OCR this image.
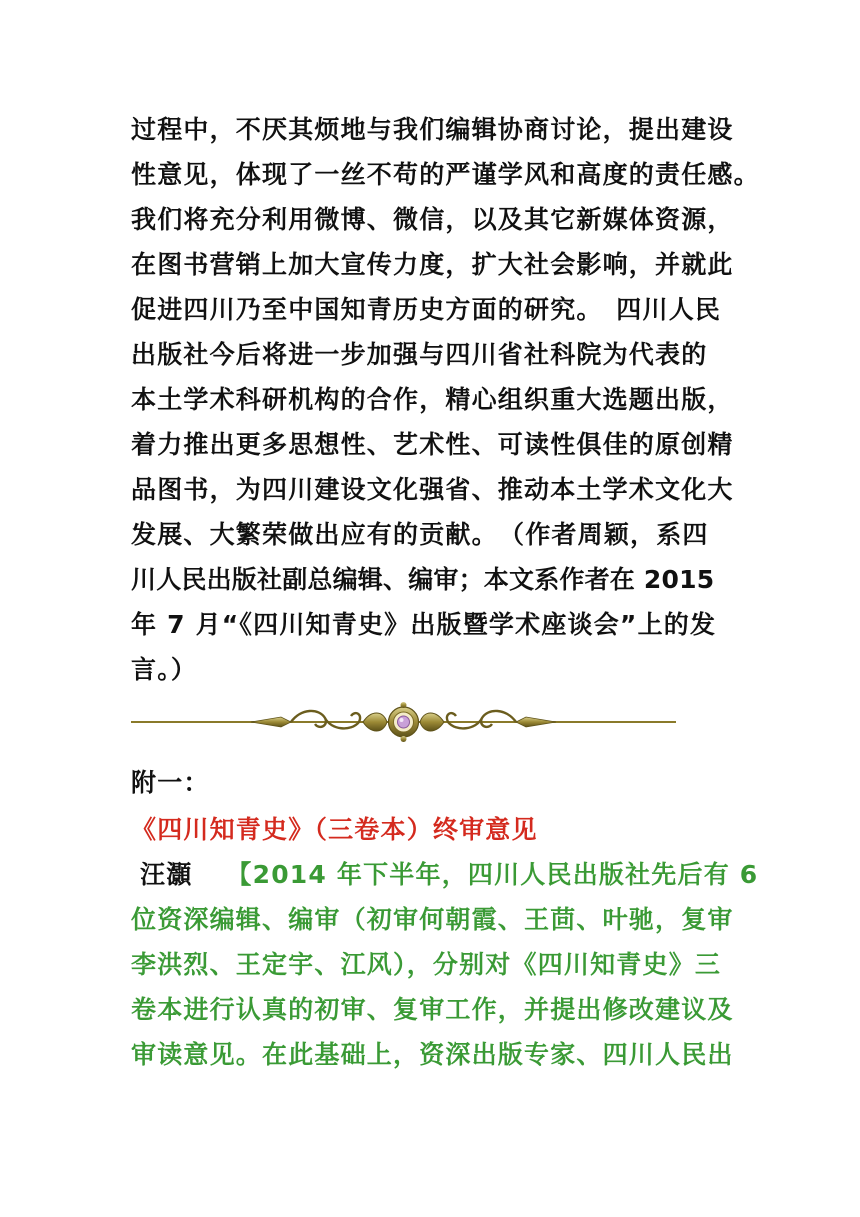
过程中，不厌其烦地与我们编辑协商讨论，提出建设
性意见，体现了一丝不苟的严谨学风和高度的责任感。
我们将充分利用微博、微信，以及其它新媒体资源，
在图书营销上加大宣传力度，扩大社会影响，并就此
促进四川乃至中国知青历史方面的研究。　四川人民
出版社今后将进一步加强与四川省社科院为代表的
本土学术科研机构的合作，精心组织重大选题出版，
着力推出更多思想性、艺术性、可读性俱佳的原创精
品图书，为四川建设文化强省、推动本土学术文化大
发展、大繁荣做出应有的贡献。　（作者周颖，系四
川人民出版社副总编辑、编审；本文系作者在 2015
年 7 月“《四川知青史》出版暨学术座谈会”上的发
言。）
附一：
《四川知青史》（三卷本）终审意见
汪灝 【2014 年下半年，四川人民出版社先后有 6
位资深编辑、编审（初审何朝霞、王茴、叶驰，复审
李洪烈、王定宇、江风），分别对《四川知青史》三
卷本进行认真的初审、复审工作，并提出修改建议及
审读意见。在此基础上，资深出版专家、四川人民出
